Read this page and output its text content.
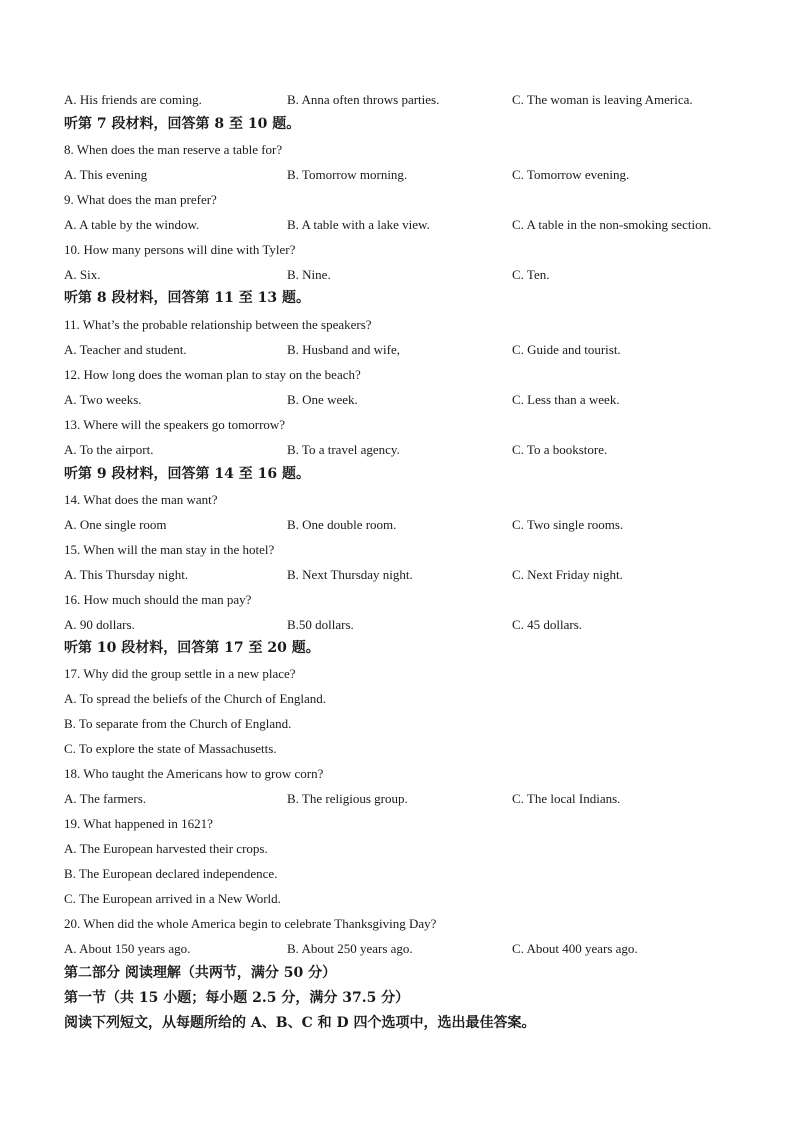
A. His friends are coming.	B. Anna often throws parties.	C. The woman is leaving America.
听第 7 段材料，回答第 8 至 10 题。
8. When does the man reserve a table for?
A. This evening	B. Tomorrow morning.	C. Tomorrow evening.
9. What does the man prefer?
A. A table by the window.	B. A table with a lake view.	C. A table in the non-smoking section.
10. How many persons will dine with Tyler?
A. Six.	B. Nine.	C. Ten.
听第 8 段材料，回答第 11 至 13 题。
11. What’s the probable relationship between the speakers?
A. Teacher and student.	B. Husband and wife,	C. Guide and tourist.
12. How long does the woman plan to stay on the beach?
A. Two weeks.	B. One week.	C. Less than a week.
13. Where will the speakers go tomorrow?
A. To the airport.	B. To a travel agency.	C. To a bookstore.
听第 9 段材料，回答第 14 至 16 题。
14. What does the man want?
A. One single room	B. One double room.	C. Two single rooms.
15. When will the man stay in the hotel?
A. This Thursday night.	B. Next Thursday night.	C. Next Friday night.
16. How much should the man pay?
A. 90 dollars.	B.50 dollars.	C. 45 dollars.
听第 10 段材料，回答第 17 至 20 题。
17. Why did the group settle in a new place?
A. To spread the beliefs of the Church of England.
B. To separate from the Church of England.
C. To explore the state of Massachusetts.
18. Who taught the Americans how to grow corn?
A. The farmers.	B. The religious group.	C. The local Indians.
19. What happened in 1621?
A. The European harvested their crops.
B. The European declared independence.
C. The European arrived in a New World.
20. When did the whole America begin to celebrate Thanksgiving Day?
A. About 150 years ago.	B. About 250 years ago.	C. About 400 years ago.
第二部分 阅读理解（共两节，满分 50 分）
第一节（共 15 小题；每小题 2.5 分，满分 37.5 分）
阅读下列短文，从每题所给的 A、B、C 和 D 四个选项中，选出最佳答案。
